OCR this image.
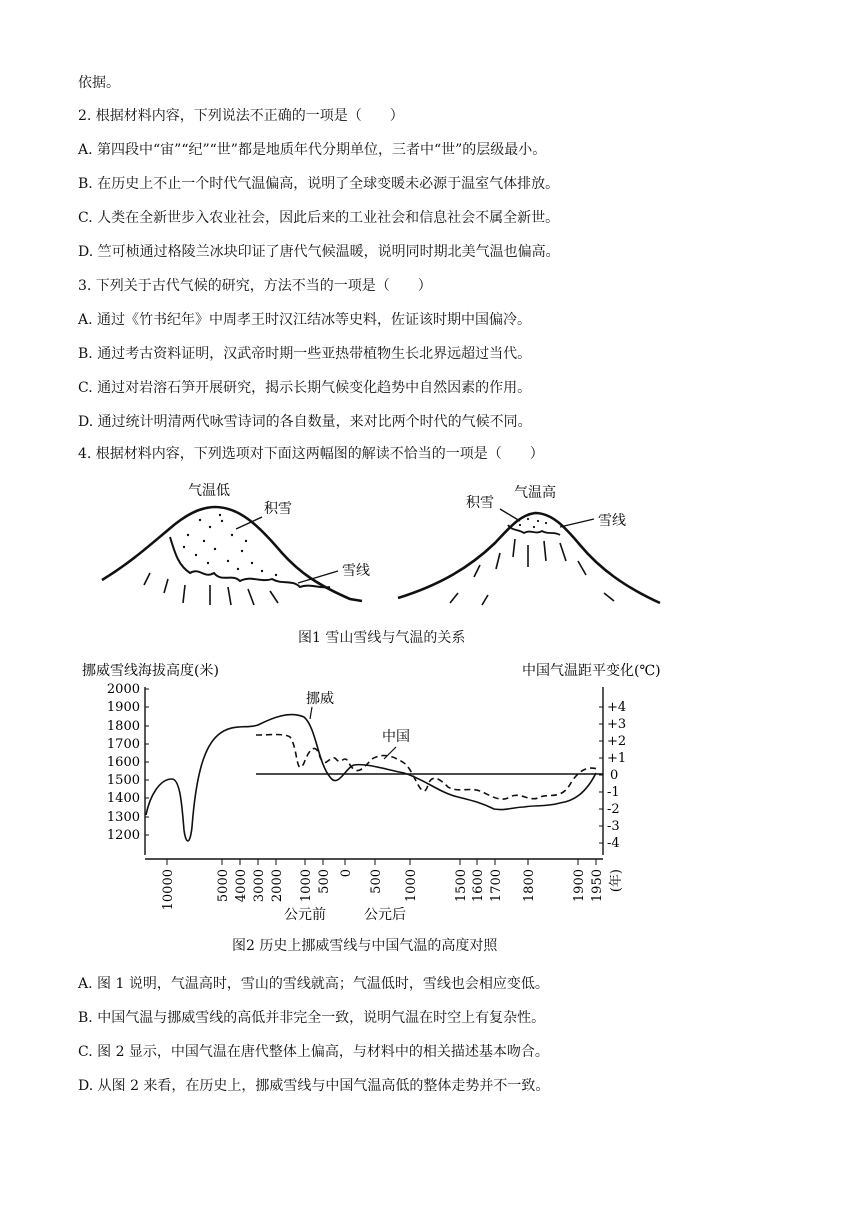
依据。
2. 根据材料内容，下列说法不正确的一项是（　　）
A. 第四段中“宙”“纪”“世”都是地质年代分期单位，三者中“世”的层级最小。
B. 在历史上不止一个时代气温偏高，说明了全球变暖未必源于温室气体排放。
C. 人类在全新世步入农业社会，因此后来的工业社会和信息社会不属全新世。
D. 竺可桢通过格陵兰冰块印证了唐代气候温暖，说明同时期北美气温也偏高。
3. 下列关于古代气候的研究，方法不当的一项是（　　）
A. 通过《竹书纪年》中周孝王时汉江结冰等史料，佐证该时期中国偏冷。
B. 通过考古资料证明，汉武帝时期一些亚热带植物生长北界远超过当代。
C. 通过对岩溶石笋开展研究，揭示长期气候变化趋势中自然因素的作用。
D. 通过统计明清两代咏雪诗词的各自数量，来对比两个时代的气候不同。
4. 根据材料内容，下列选项对下面这两幅图的解读不恰当的一项是（　　）
气温低
积雪
雪线
气温高
积雪
雪线
图1 雪山雪线与气温的关系
挪威雪线海拔高度(米)	中国气温距平变化(℃)
2000
1900
1800
1700
1600
1500
1400
1300
1200
+4
+3
+2
+1
0
-1
-2
-3
-4
挪威
中国
10000	5000 4000 3000 2000 1000 500 0 500 1000	1500 1600 1700 1800	1900 1950 (年)
公元前	公元后
图2 历史上挪威雪线与中国气温的高度对照
A. 图 1 说明，气温高时，雪山的雪线就高；气温低时，雪线也会相应变低。
B. 中国气温与挪威雪线的高低并非完全一致，说明气温在时空上有复杂性。
C. 图 2 显示，中国气温在唐代整体上偏高，与材料中的相关描述基本吻合。
D. 从图 2 来看，在历史上，挪威雪线与中国气温高低的整体走势并不一致。
